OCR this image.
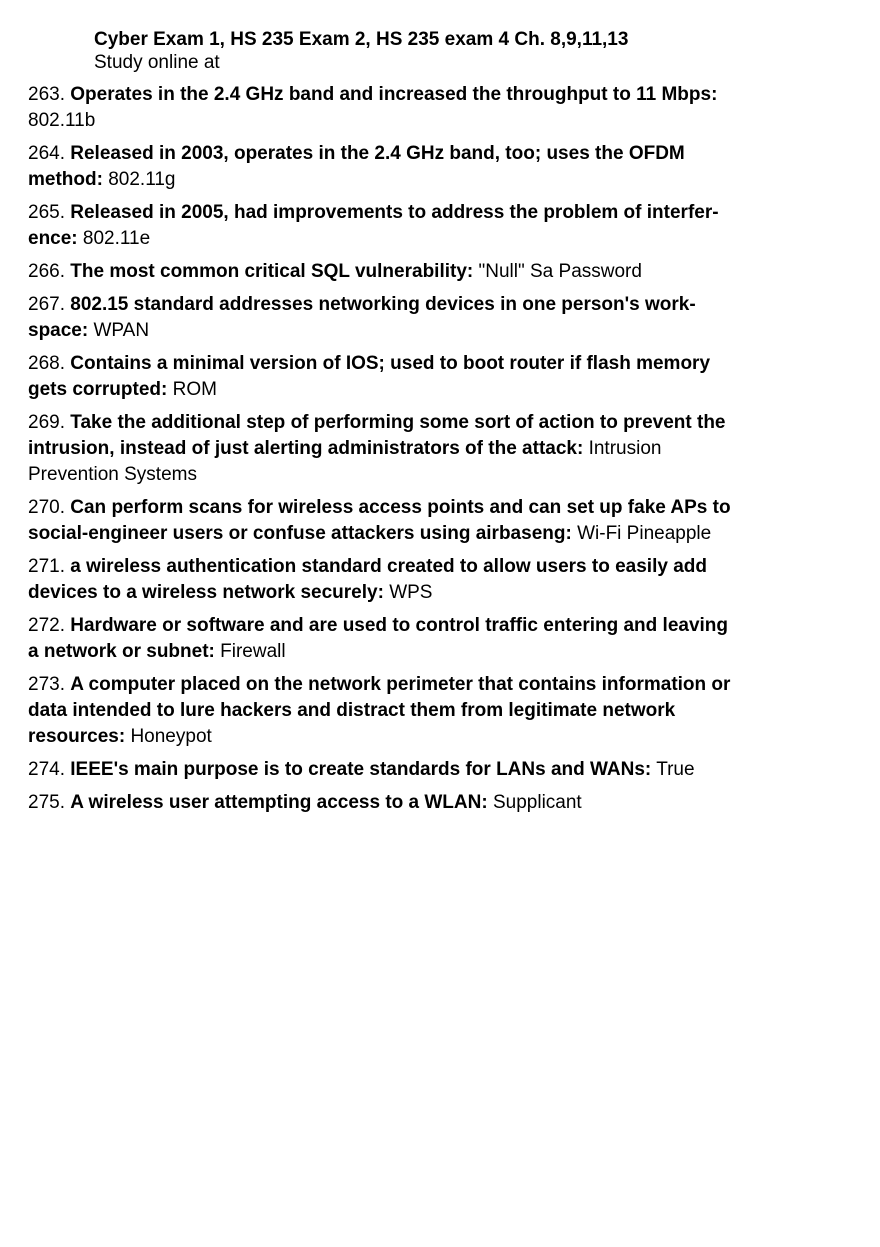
Cyber Exam 1, HS 235 Exam 2, HS 235 exam 4 Ch. 8,9,11,13
Study online at
263. Operates in the 2.4 GHz band and increased the throughput to 11 Mbps: 802.11b
264. Released in 2003, operates in the 2.4 GHz band, too; uses the OFDM method: 802.11g
265. Released in 2005, had improvements to address the problem of interfer-ence: 802.11e
266. The most common critical SQL vulnerability: "Null" Sa Password
267. 802.15 standard addresses networking devices in one person's work-space: WPAN
268. Contains a minimal version of IOS; used to boot router if flash memory gets corrupted: ROM
269. Take the additional step of performing some sort of action to prevent the intrusion, instead of just alerting administrators of the attack: Intrusion Prevention Systems
270. Can perform scans for wireless access points and can set up fake APs to social-engineer users or confuse attackers using airbaseng: Wi-Fi Pineapple
271. a wireless authentication standard created to allow users to easily add devices to a wireless network securely: WPS
272. Hardware or software and are used to control traffic entering and leaving a network or subnet: Firewall
273. A computer placed on the network perimeter that contains information or data intended to lure hackers and distract them from legitimate network resources: Honeypot
274. IEEE's main purpose is to create standards for LANs and WANs: True
275. A wireless user attempting access to a WLAN: Supplicant
